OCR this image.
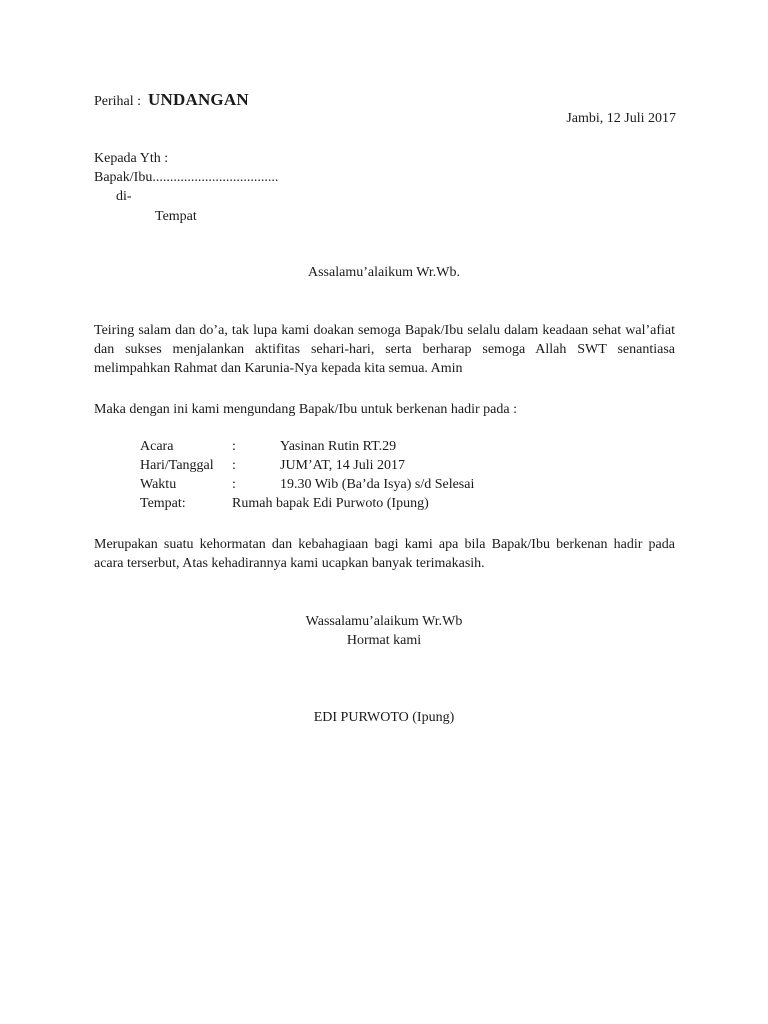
Perihal : UNDANGAN
Jambi, 12 Juli 2017
Kepada Yth :
Bapak/Ibu....................................
di-
Tempat
Assalamu’alaikum Wr.Wb.
Teiring salam dan do’a, tak lupa kami doakan semoga Bapak/Ibu selalu dalam keadaan sehat wal’afiat dan sukses menjalankan aktifitas sehari-hari, serta berharap semoga Allah SWT senantiasa melimpahkan Rahmat dan Karunia-Nya kepada kita semua. Amin
Maka dengan ini kami mengundang Bapak/Ibu untuk berkenan hadir pada :
Acara	:	Yasinan Rutin RT.29
Hari/Tanggal :	JUM’AT, 14 Juli 2017
Waktu	:	19.30 Wib (Ba’da Isya) s/d Selesai
Tempat:	Rumah bapak Edi Purwoto (Ipung)
Merupakan suatu kehormatan dan kebahagiaan bagi kami apa bila Bapak/Ibu berkenan hadir pada acara terserbut, Atas kehadirannya kami ucapkan banyak terimakasih.
Wassalamu’alaikum Wr.Wb
Hormat kami
EDI PURWOTO (Ipung)
